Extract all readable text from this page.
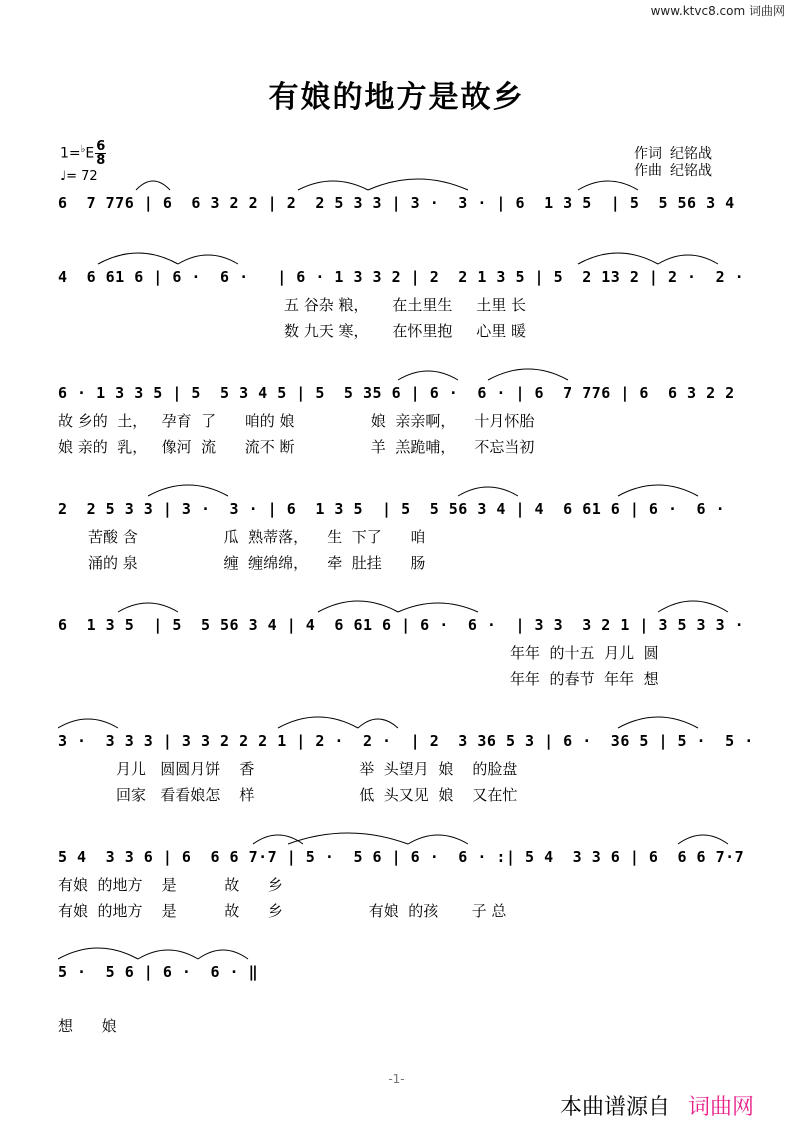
www.ktvc8.com 词曲网
有娘的地方是故乡
$1=^♭E \frac{6}{8}$
♩= 72
作词 纪铭战
作曲 纪铭战
6  7 776 | 6  6 3 2 2 | 2  2 5 3 3 | 3 ·  3 · | 6  1 3 5  | 5  5 56 3 4
4  6 61 6 | 6 ·  6 ·   | 6 · 1 3 3 2 | 2  2 1 3 5 | 5  2 13 2 | 2 ·  2 ·
五 谷杂 粮，     在土里生     土里 长
数 九天 寒，     在怀里抱     心里 暖
6 · 1 3 3 5 | 5  5 3 4 5 | 5  5 35 6 | 6 ·  6 · | 6  7 776 | 6  6 3 2 2
故 乡的  土，   孕育  了      咱的 娘                娘  亲亲啊，    十月怀胎
娘 亲的  乳，   像河  流      流不 断                羊  羔跪哺，    不忘当初
2  2 5 3 3 | 3 ·  3 · | 6  1 3 5  | 5  5 56 3 4 | 4  6 61 6 | 6 ·  6 ·
苦酸 含                  瓜  熟蒂落，    生  下了      咱
涌的 泉                  缠  缠绵绵，    牵  肚挂      肠
6  1 3 5  | 5  5 56 3 4 | 4  6 61 6 | 6 ·  6 ·  | 3 3  3 2 1 | 3 5 3 3 ·
年年  的十五  月儿  圆
年年  的春节  年年  想
3 ·  3 3 3 | 3 3 2 2 2 1 | 2 ·  2 ·  | 2  3 36 5 3 | 6 ·  36 5 | 5 ·  5 ·
月儿   圆圆月饼    香                      举  头望月  娘    的脸盘
回家   看看娘怎    样                      低  头又见  娘    又在忙
5 4  3 3 6 | 6  6 6 7·7 | 5 ·  5 6 | 6 ·  6 · :| 5 4  3 3 6 | 6  6 6 7·7
有娘  的地方    是          故      乡
有娘  的地方    是          故      乡                  有娘  的孩       子 总
5 ·  5 6 | 6 ·  6 · ‖
想      娘
-1-
本曲谱源自 词曲网
